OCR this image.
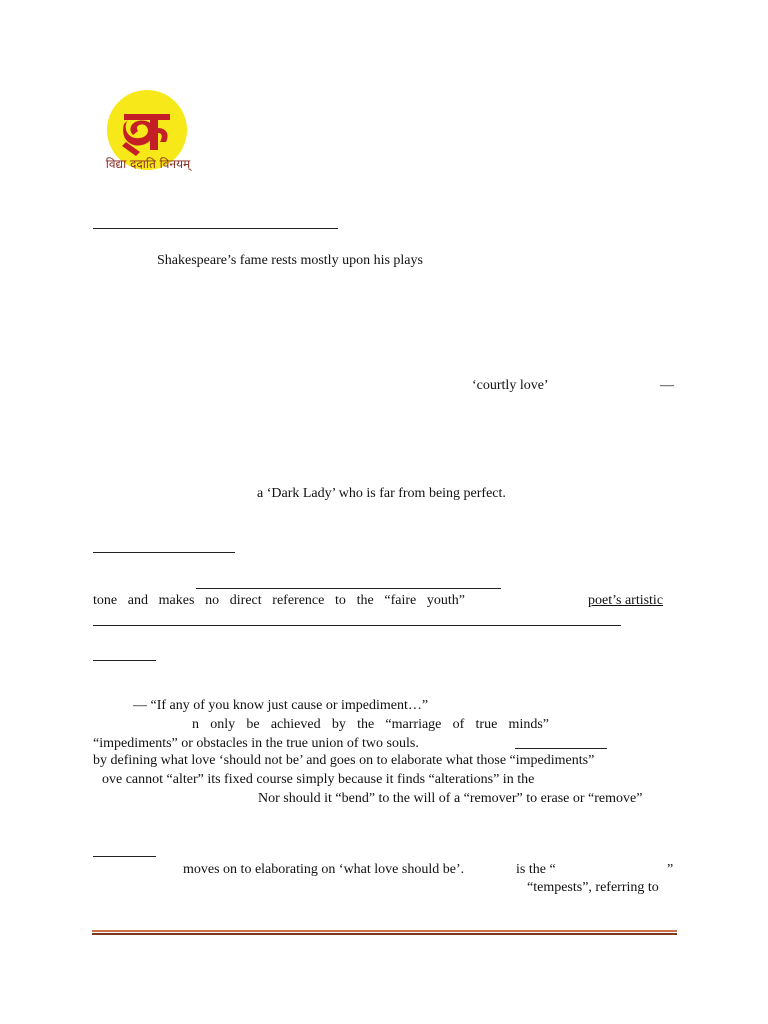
विद्या ददाति विनयम्
Shakespeare’s fame rests mostly upon his plays
‘courtly love’	—
a ‘Dark Lady’ who is far from being perfect.
tone and makes no direct reference to the “faire youth”	poet’s artistic
— “If any of you know just cause or impediment…”
n only be achieved by the “marriage of true minds”
“impediments” or obstacles in the true union of two souls.
by defining what love ‘should not be’ and goes on to elaborate what those “impediments”
ove cannot “alter” its fixed course simply because it finds “alterations” in the
Nor should it “bend” to the will of a “remover” to erase or “remove”
moves on to elaborating on ‘what love should be’.	is the “	”
“tempests”, referring to
